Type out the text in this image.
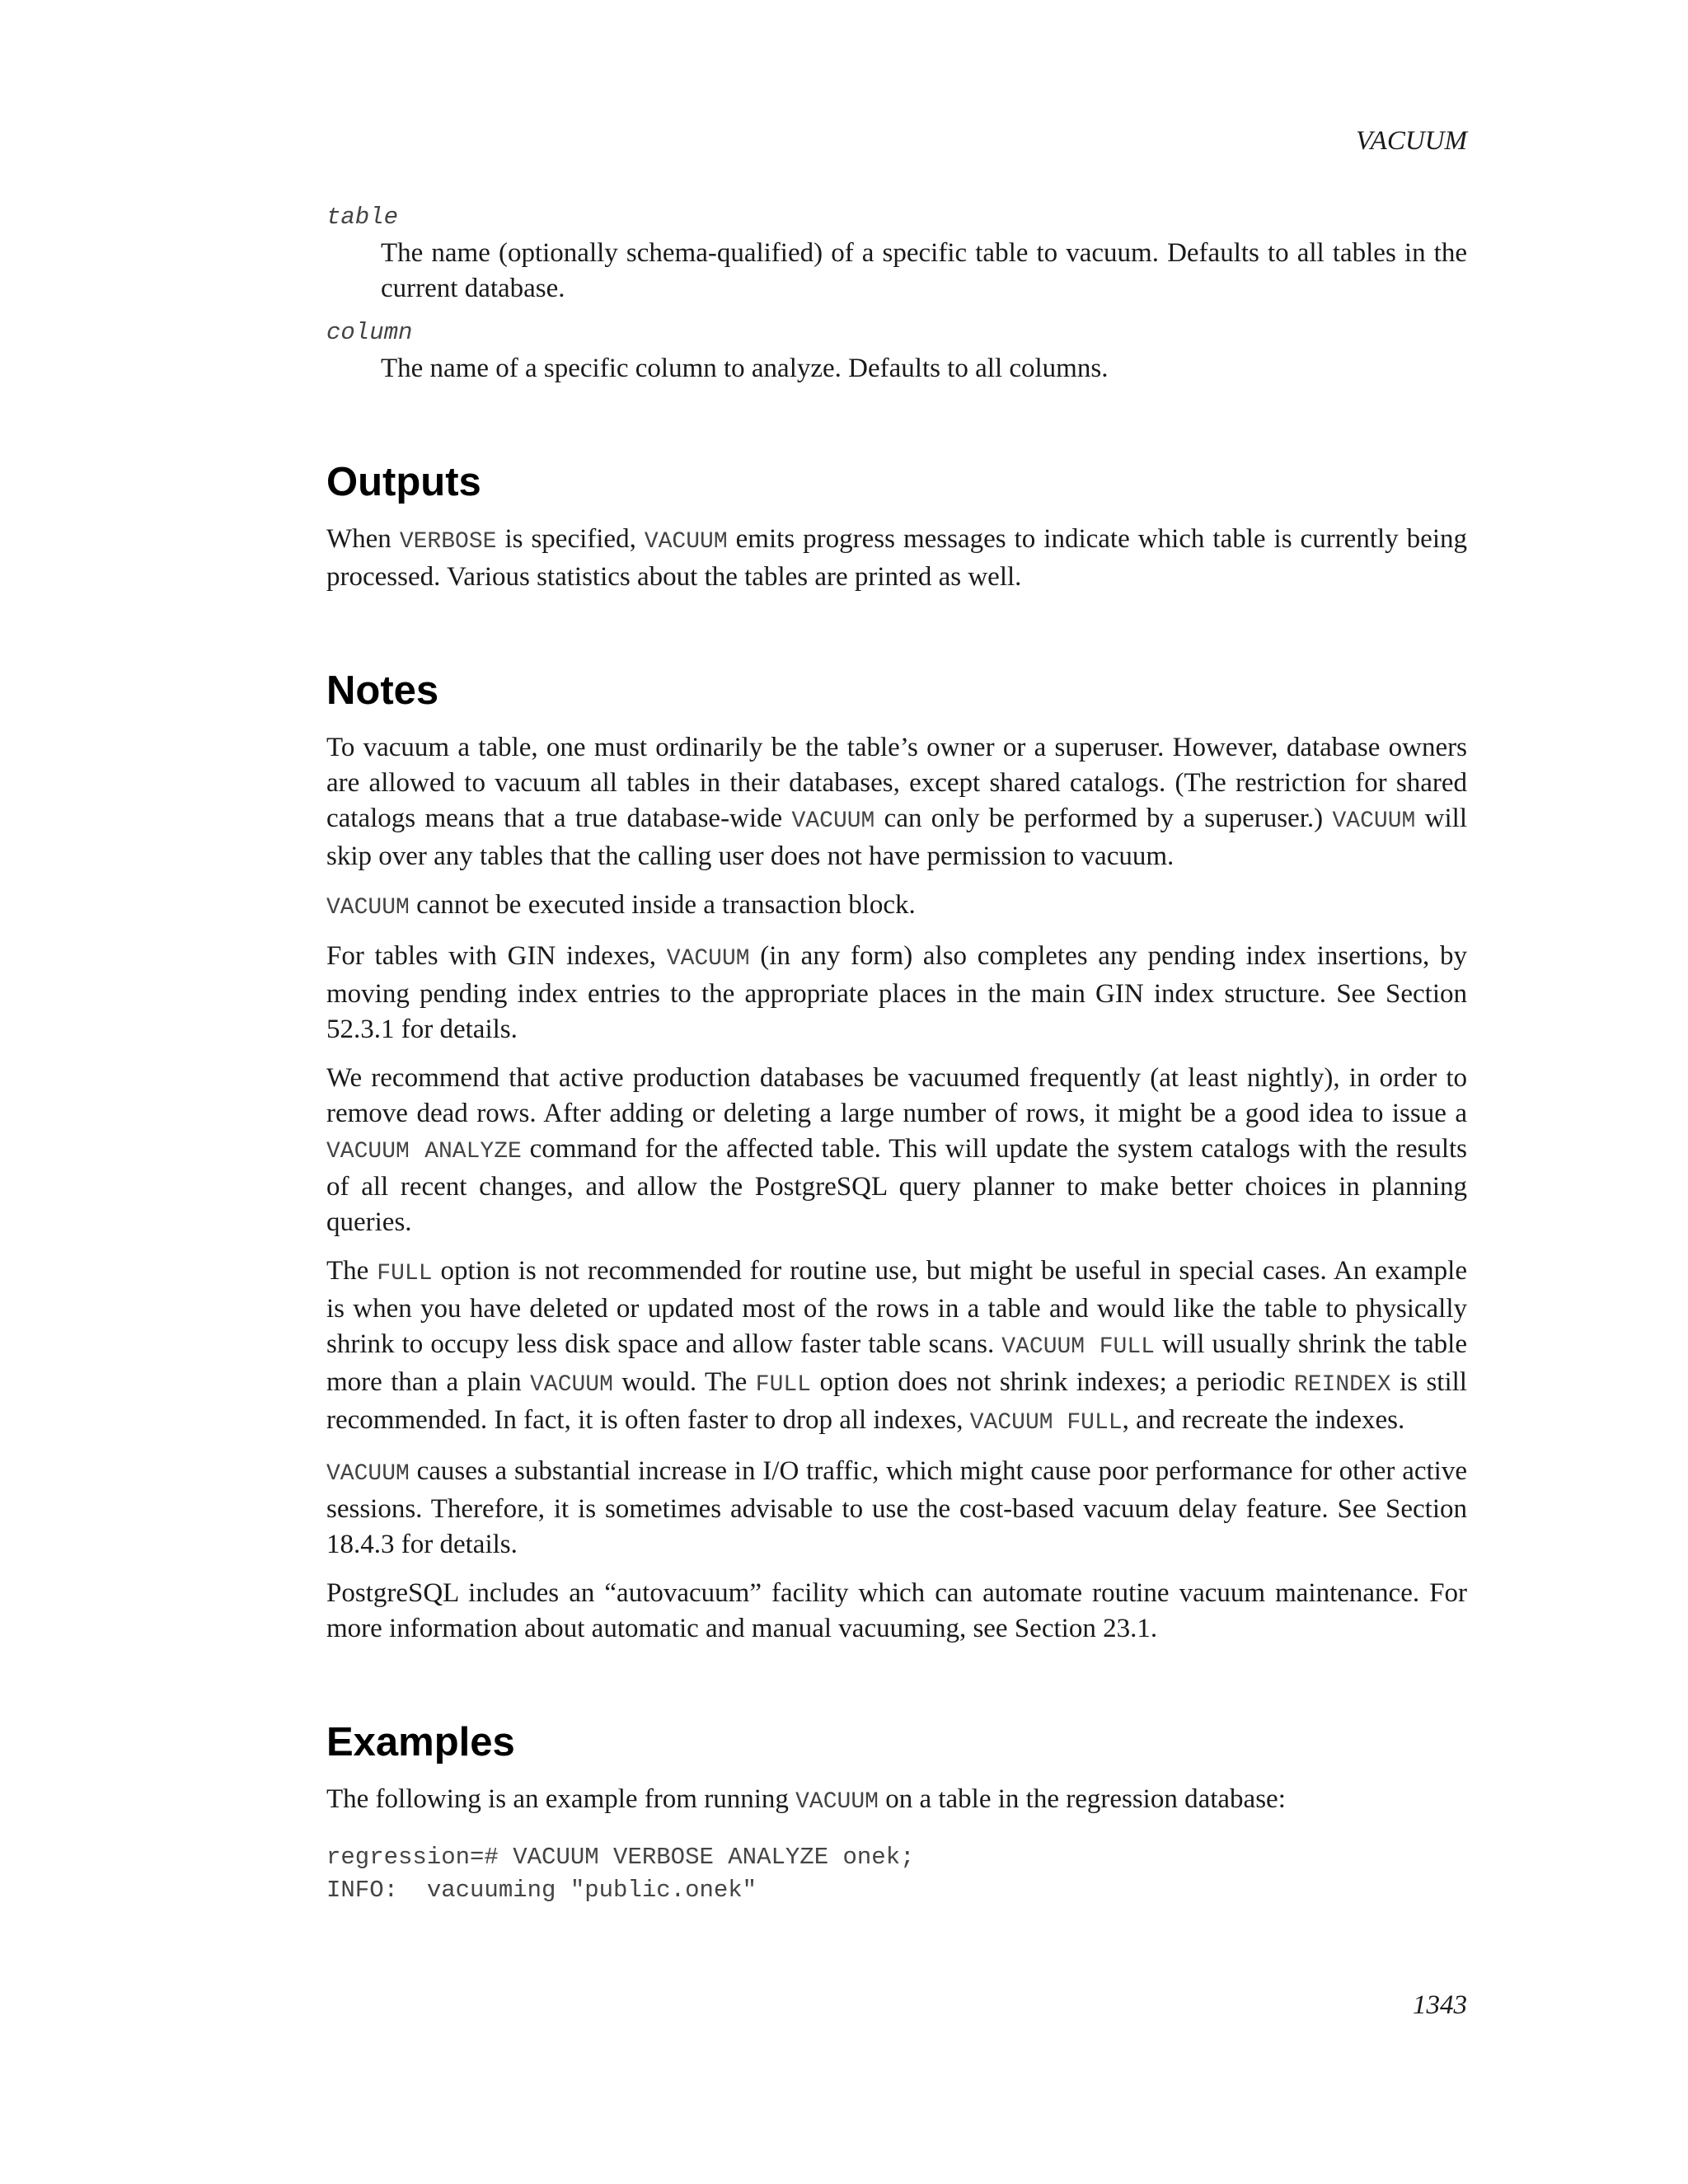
VACUUM
table
The name (optionally schema-qualified) of a specific table to vacuum. Defaults to all tables in the current database.
column
The name of a specific column to analyze. Defaults to all columns.
Outputs

When VERBOSE is specified, VACUUM emits progress messages to indicate which table is currently being processed. Various statistics about the tables are printed as well.

Notes

To vacuum a table, one must ordinarily be the table’s owner or a superuser. However, database owners are allowed to vacuum all tables in their databases, except shared catalogs. (The restriction for shared catalogs means that a true database-wide VACUUM can only be performed by a superuser.) VACUUM will skip over any tables that the calling user does not have permission to vacuum.

VACUUM cannot be executed inside a transaction block.

For tables with GIN indexes, VACUUM (in any form) also completes any pending index insertions, by moving pending index entries to the appropriate places in the main GIN index structure. See Section 52.3.1 for details.

We recommend that active production databases be vacuumed frequently (at least nightly), in order to remove dead rows. After adding or deleting a large number of rows, it might be a good idea to issue a VACUUM ANALYZE command for the affected table. This will update the system catalogs with the results of all recent changes, and allow the PostgreSQL query planner to make better choices in planning queries.

The FULL option is not recommended for routine use, but might be useful in special cases. An example is when you have deleted or updated most of the rows in a table and would like the table to physically shrink to occupy less disk space and allow faster table scans. VACUUM FULL will usually shrink the table more than a plain VACUUM would. The FULL option does not shrink indexes; a periodic REINDEX is still recommended. In fact, it is often faster to drop all indexes, VACUUM FULL, and recreate the indexes.

VACUUM causes a substantial increase in I/O traffic, which might cause poor performance for other active sessions. Therefore, it is sometimes advisable to use the cost-based vacuum delay feature. See Section 18.4.3 for details.

PostgreSQL includes an “autovacuum” facility which can automate routine vacuum maintenance. For more information about automatic and manual vacuuming, see Section 23.1.

Examples

The following is an example from running VACUUM on a table in the regression database:

regression=# VACUUM VERBOSE ANALYZE onek;
INFO:  vacuuming "public.onek"
1343
